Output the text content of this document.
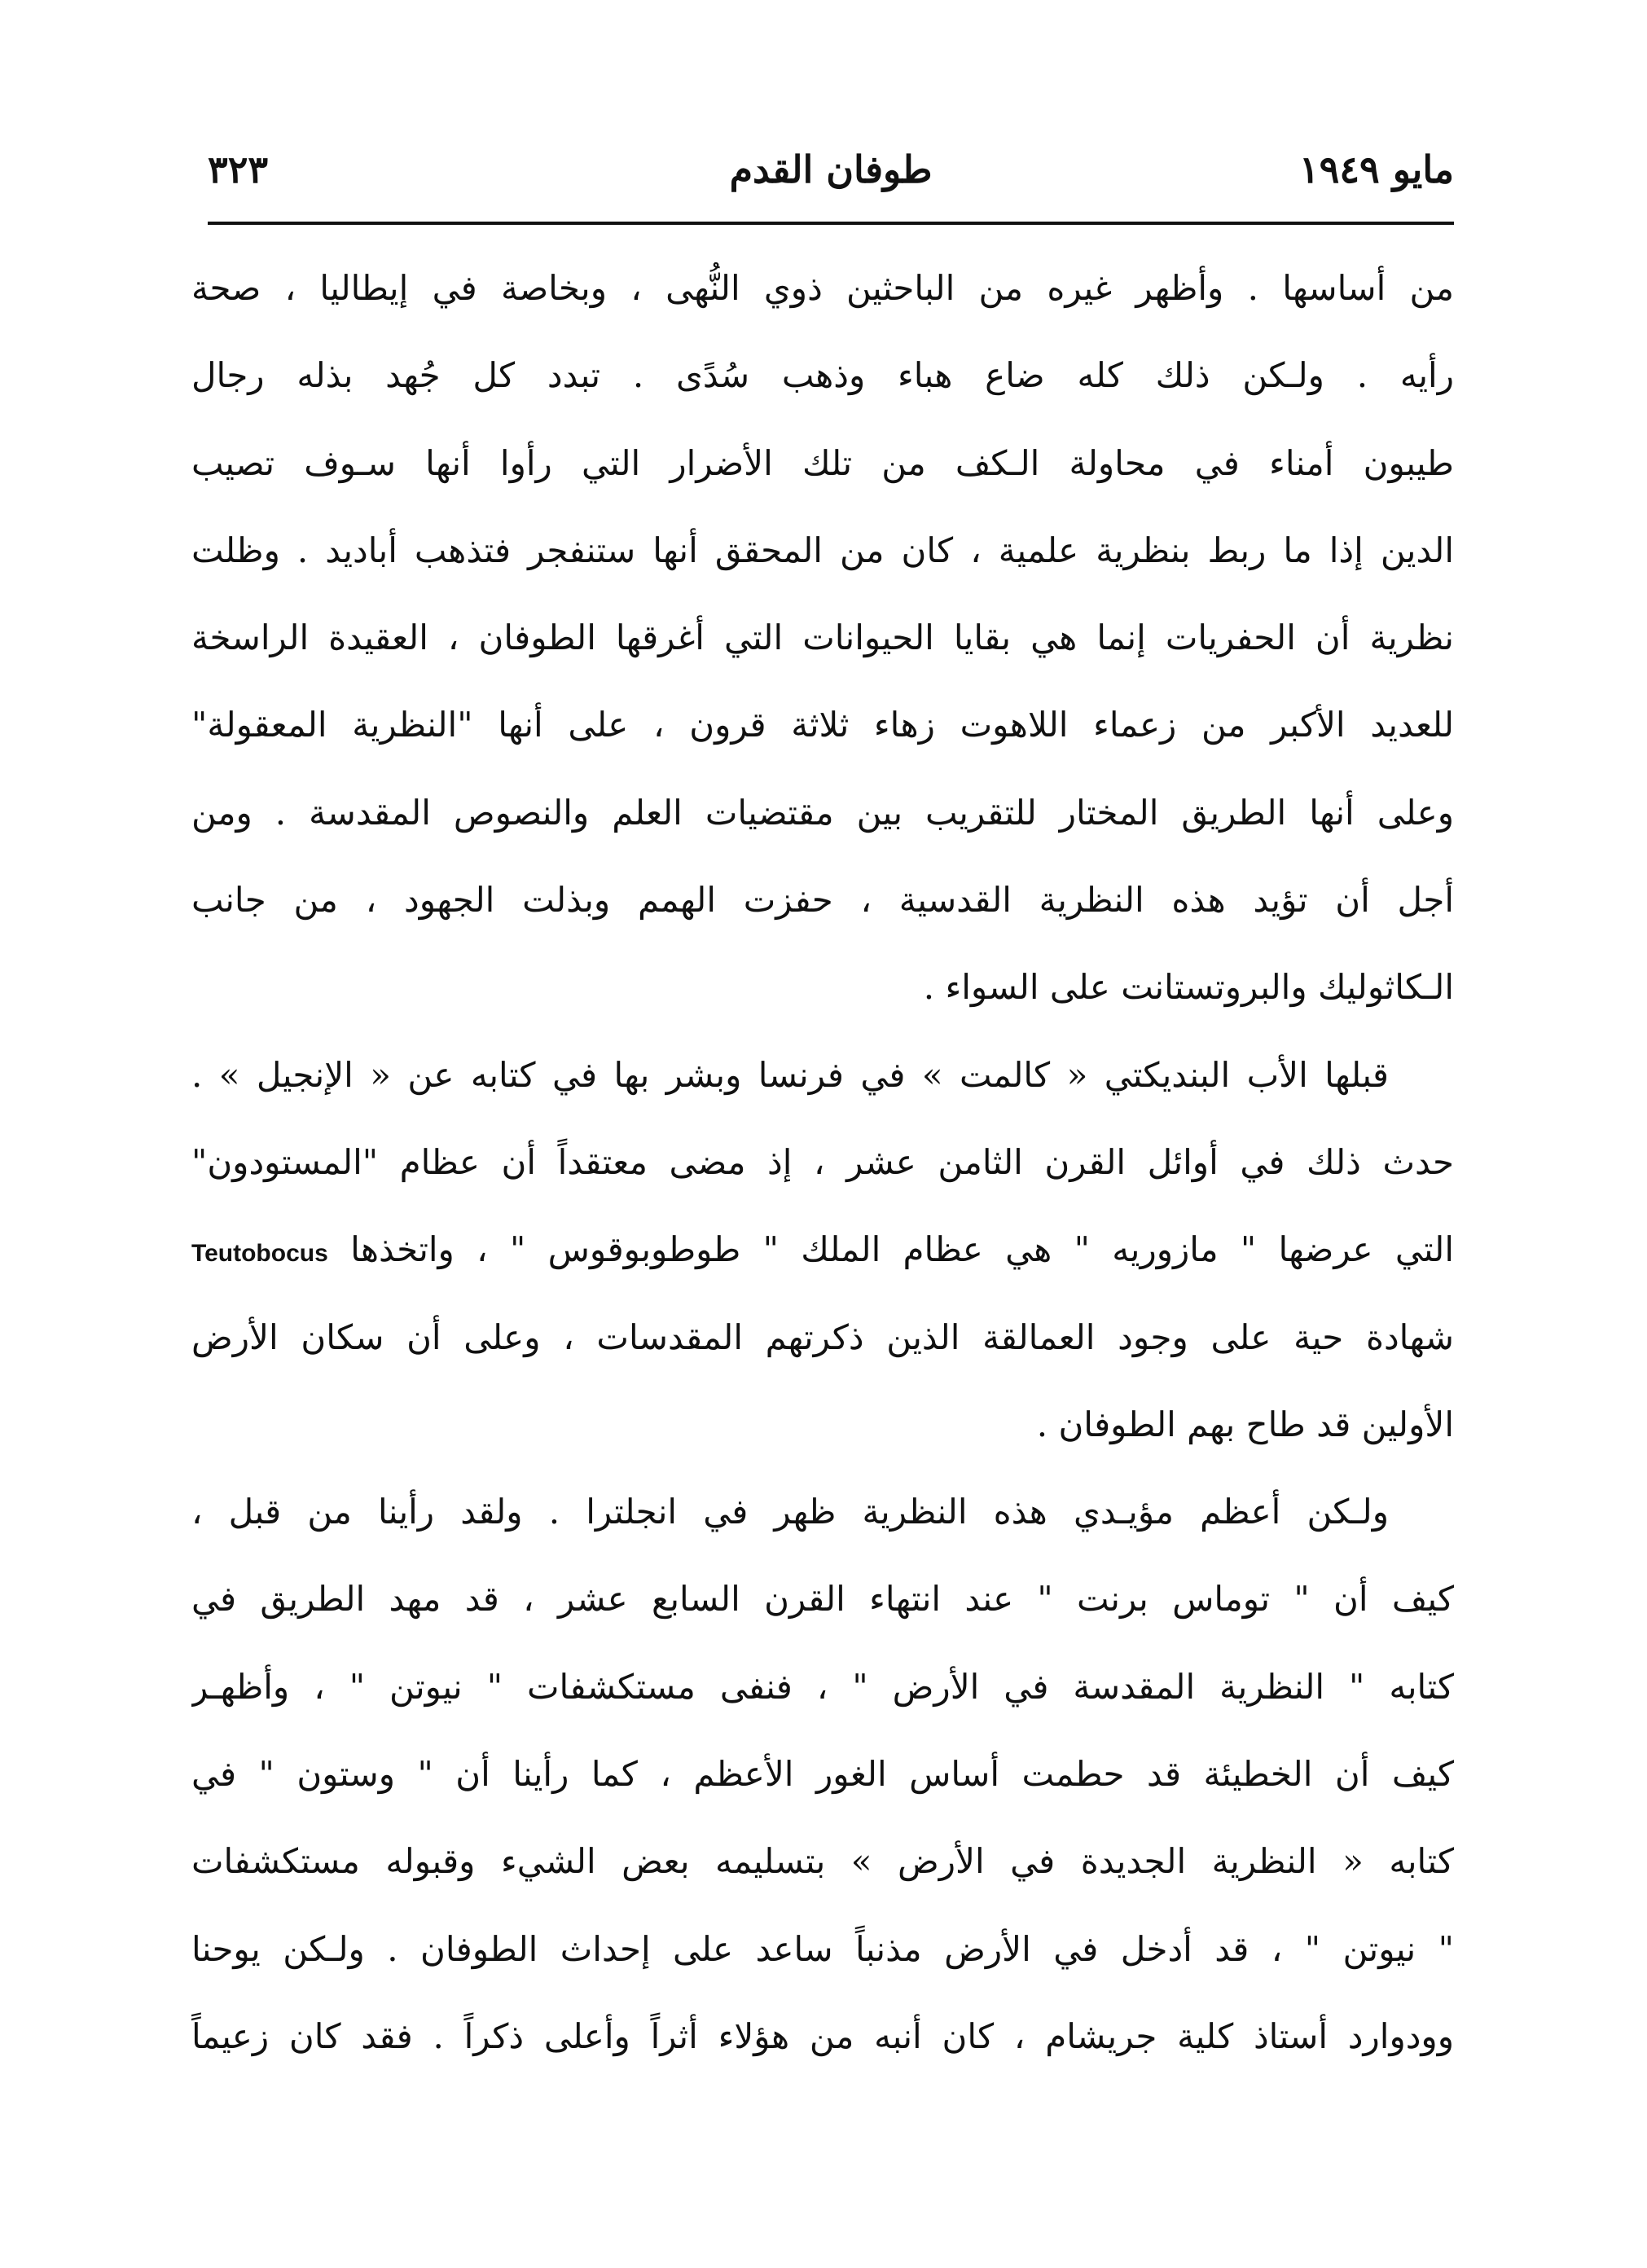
مايو ١٩٤٩
طوفان القدم
٣٢٣
من أساسها . وأظهر غيره من الباحثين ذوي النُّهى ، وبخاصة في إيطاليا ، صحة
رأيه . ولـكن ذلك كله ضاع هباء وذهب سُدًى . تبدد كل جُهد بذله رجال
طيبون أمناء في محاولة الـكف من تلك الأضرار التي رأوا أنها سـوف تصيب
الدين إذا ما ربط بنظرية علمية ، كان من المحقق أنها ستنفجر فتذهب أباديد . وظلت
نظرية أن الحفريات إنما هي بقايا الحيوانات التي أغرقها الطوفان ، العقيدة الراسخة
للعديد الأكبر من زعماء اللاهوت زهاء ثلاثة قرون ، على أنها "النظرية المعقولة"
وعلى أنها الطريق المختار للتقريب بين مقتضيات العلم والنصوص المقدسة . ومن
أجل أن تؤيد هذه النظرية القدسية ، حفزت الهمم وبذلت الجهود ، من جانب
الـكاثوليك والبروتستانت على السواء .
قبلها الأب البنديكتي « كالمت » في فرنسا وبشر بها في كتابه عن « الإنجيل » .
حدث ذلك في أوائل القرن الثامن عشر ، إذ مضى معتقداً أن عظام "المستودون"
التي عرضها " مازوريه " هي عظام الملك " طوطوبوقوس " ، واتخذها Teutobocus
شهادة حية على وجود العمالقة الذين ذكرتهم المقدسات ، وعلى أن سكان الأرض
الأولين قد طاح بهم الطوفان .
ولـكن أعظم مؤيـدي هذه النظرية ظهر في انجلترا . ولقد رأينا من قبل ،
كيف أن " توماس برنت " عند انتهاء القرن السابع عشر ، قد مهد الطريق في
كتابه " النظرية المقدسة في الأرض " ، فنفى مستكشفات " نيوتن " ، وأظهـر
كيف أن الخطيئة قد حطمت أساس الغور الأعظم ، كما رأينا أن " وستون " في
كتابه « النظرية الجديدة في الأرض » بتسليمه بعض الشيء وقبوله مستكشفات
" نيوتن " ، قد أدخل في الأرض مذنباً ساعد على إحداث الطوفان . ولـكن يوحنا
وودوارد أستاذ كلية جريشام ، كان أنبه من هؤلاء أثراً وأعلى ذكراً . فقد كان زعيماً
